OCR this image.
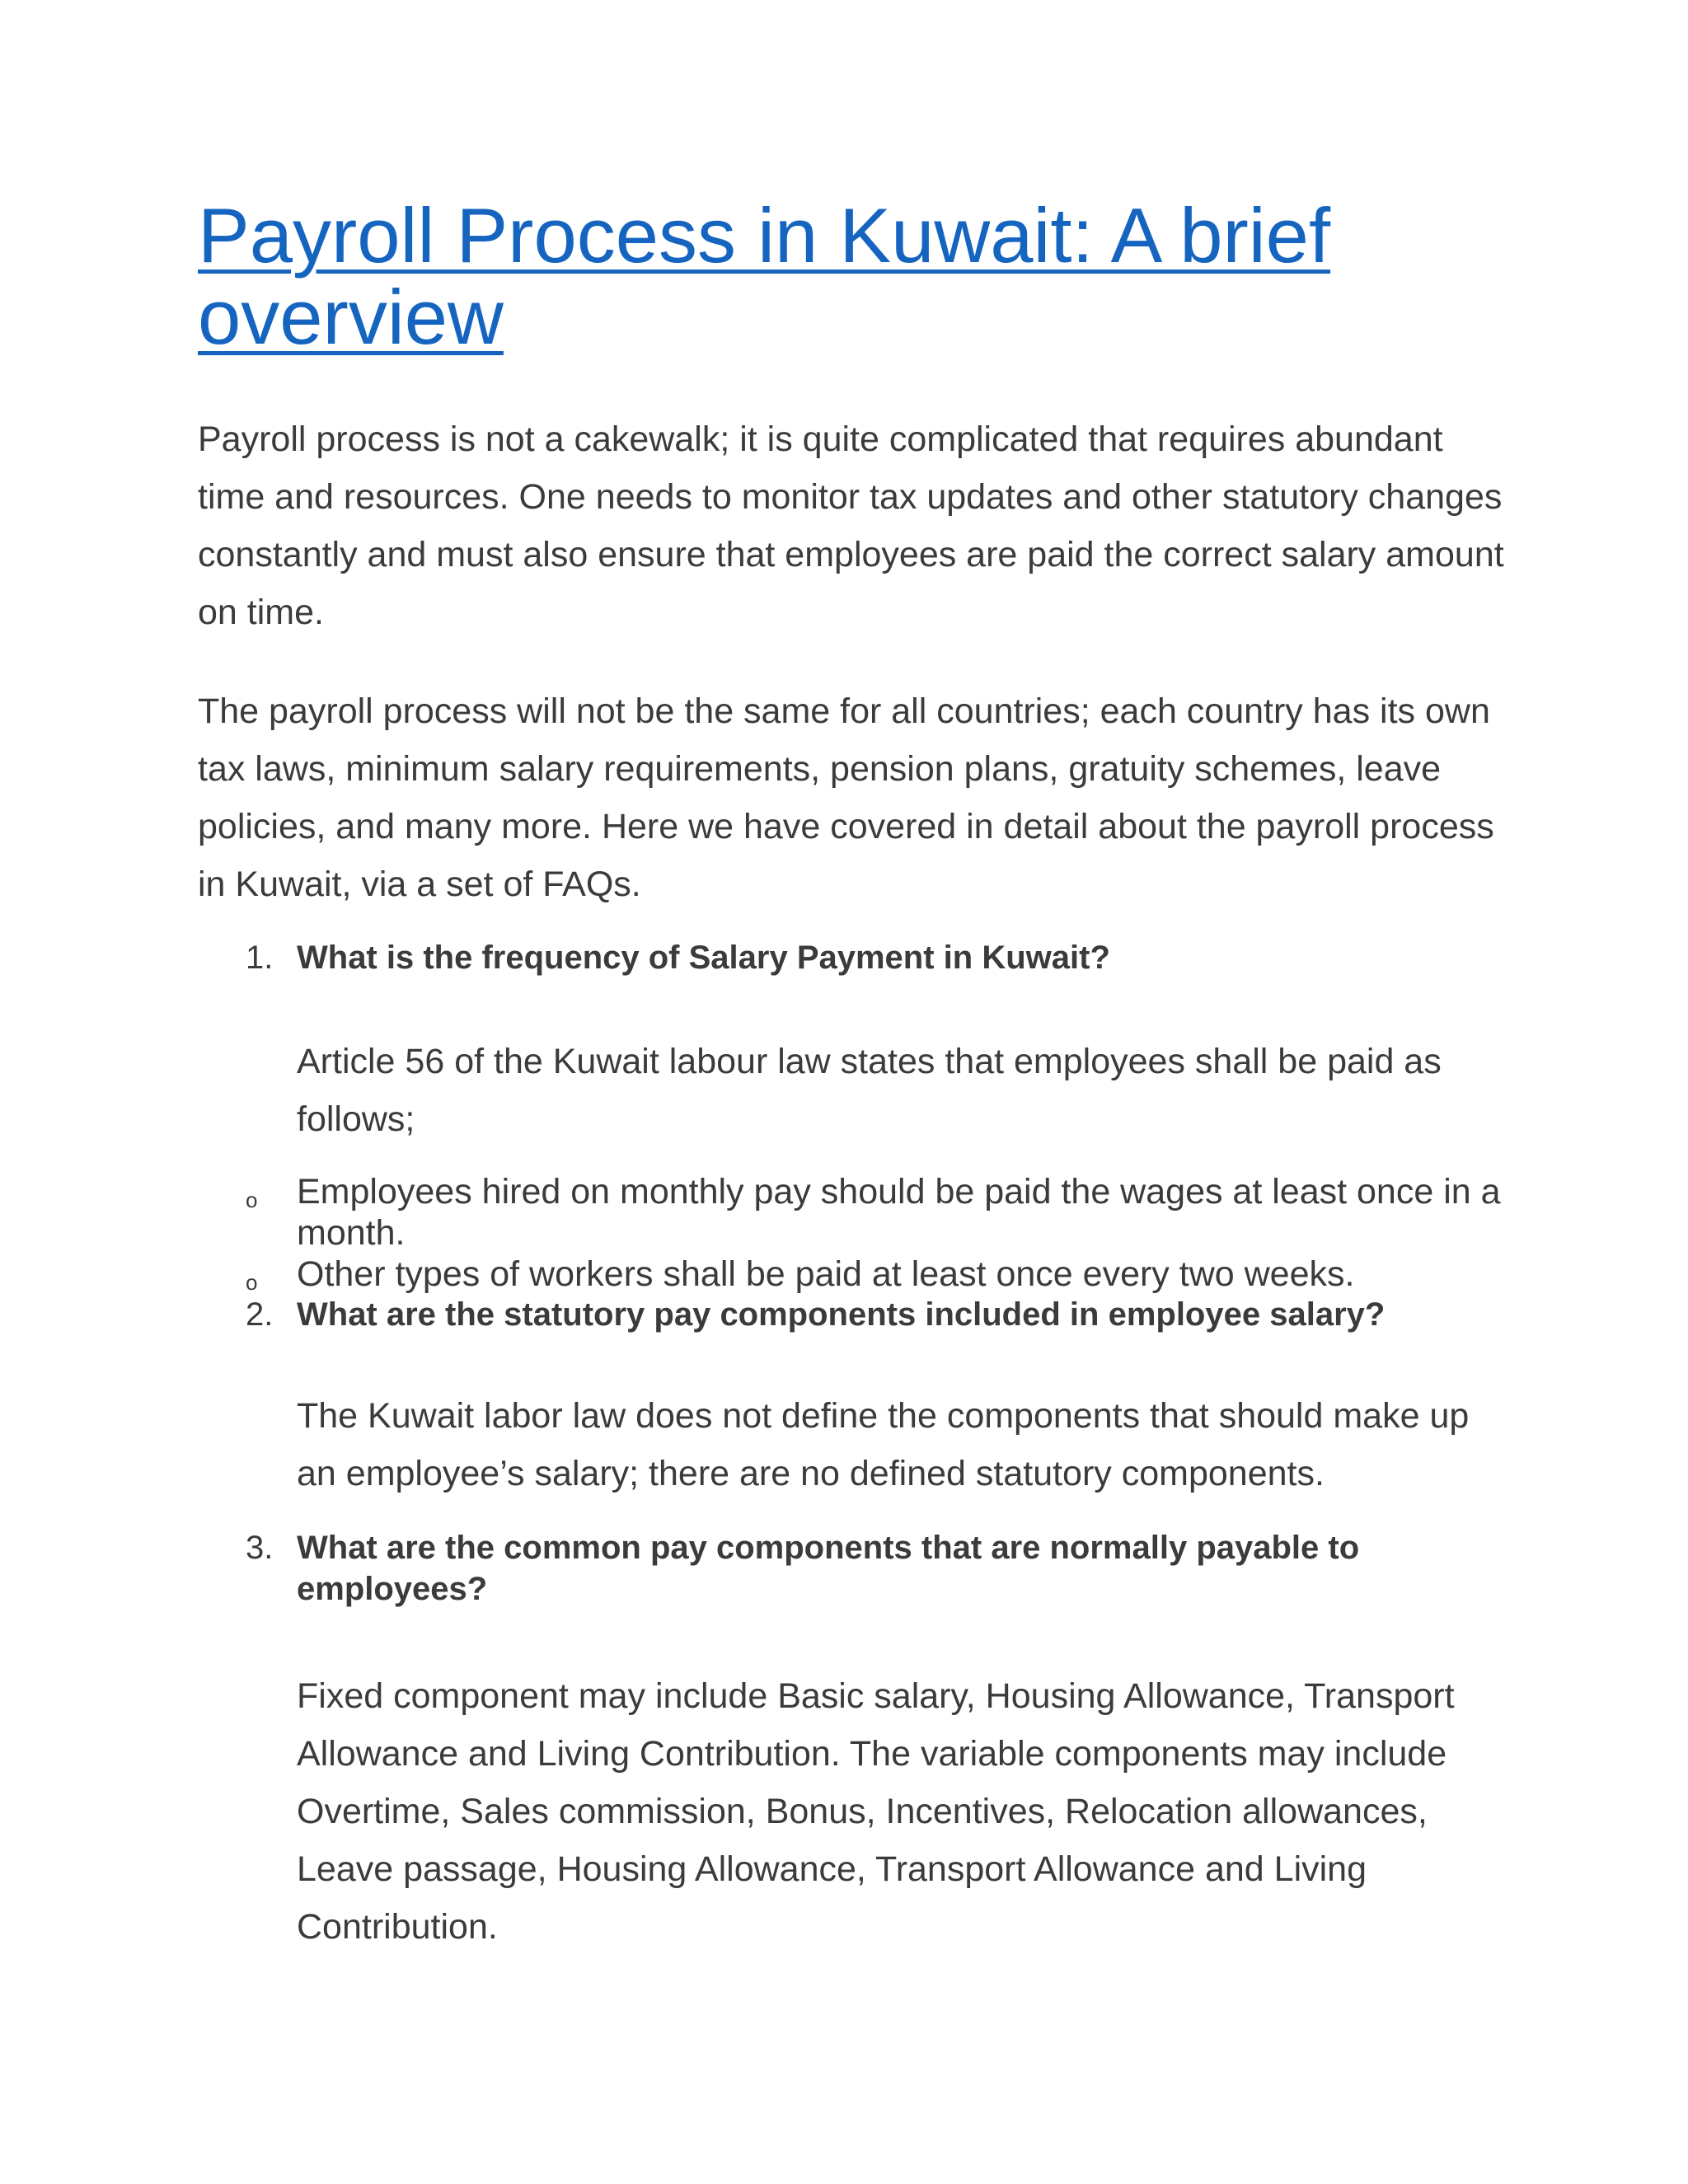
Payroll Process in Kuwait: A brief overview

Payroll process is not a cakewalk; it is quite complicated that requires abundant time and resources. One needs to monitor tax updates and other statutory changes constantly and must also ensure that employees are paid the correct salary amount on time.

The payroll process will not be the same for all countries; each country has its own tax laws, minimum salary requirements, pension plans, gratuity schemes, leave policies, and many more. Here we have covered in detail about the payroll process in Kuwait, via a set of FAQs.

1. What is the frequency of Salary Payment in Kuwait?

Article 56 of the Kuwait labour law states that employees shall be paid as follows;

o Employees hired on monthly pay should be paid the wages at least once in a month.

o Other types of workers shall be paid at least once every two weeks.

2. What are the statutory pay components included in employee salary?

The Kuwait labor law does not define the components that should make up an employee’s salary; there are no defined statutory components.

3. What are the common pay components that are normally payable to employees?

Fixed component may include Basic salary, Housing Allowance, Transport Allowance and Living Contribution. The variable components may include Overtime, Sales commission, Bonus, Incentives, Relocation allowances, Leave passage, Housing Allowance, Transport Allowance and Living Contribution.
